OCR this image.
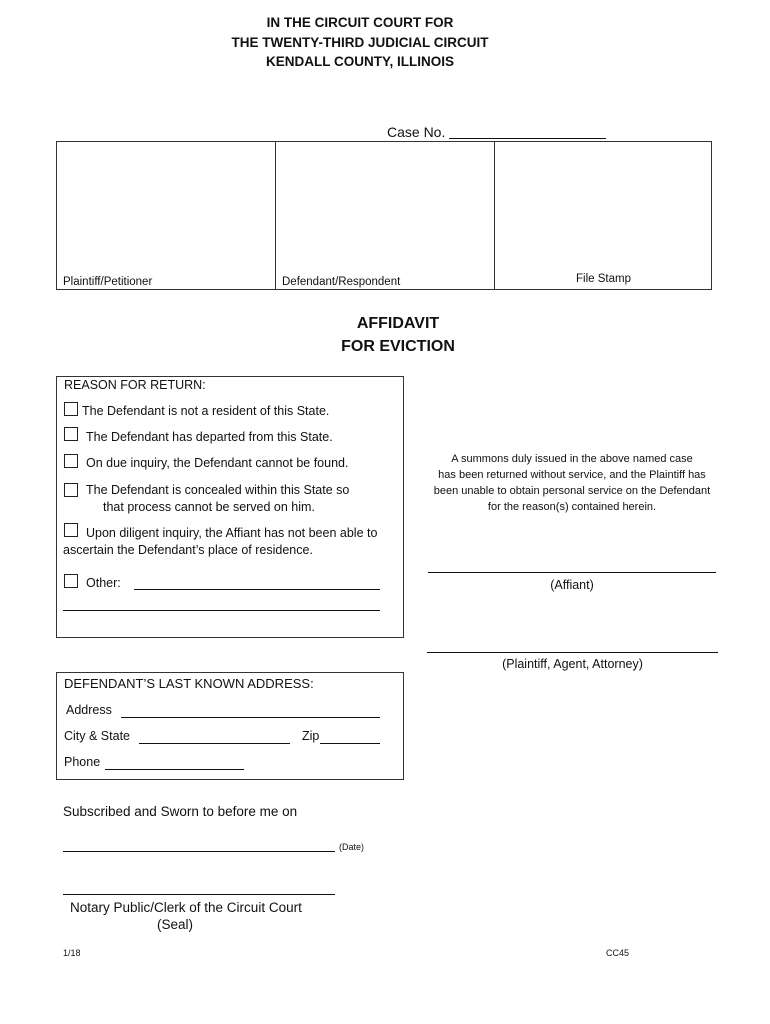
IN THE CIRCUIT COURT FOR
THE TWENTY-THIRD JUDICIAL CIRCUIT
KENDALL COUNTY, ILLINOIS
Case No.
Plaintiff/Petitioner	Defendant/Respondent	File Stamp
AFFIDAVIT
FOR EVICTION
REASON FOR RETURN:
The Defendant is not a resident of this State.
The Defendant has departed from this State.
On due inquiry, the Defendant cannot be found.
The Defendant is concealed within this State so
that process cannot be served on him.
Upon diligent inquiry, the Affiant has not been able to
ascertain the Defendant’s place of residence.
Other:
A summons duly issued in the above named case
has been returned without service, and the Plaintiff has
been unable to obtain personal service on the Defendant
for the reason(s) contained herein.
(Affiant)
(Plaintiff, Agent, Attorney)
DEFENDANT’S LAST KNOWN ADDRESS:
Address
City & State	Zip
Phone
Subscribed and Sworn to before me on
(Date)
Notary Public/Clerk of the Circuit Court
(Seal)
1/18	CC45
